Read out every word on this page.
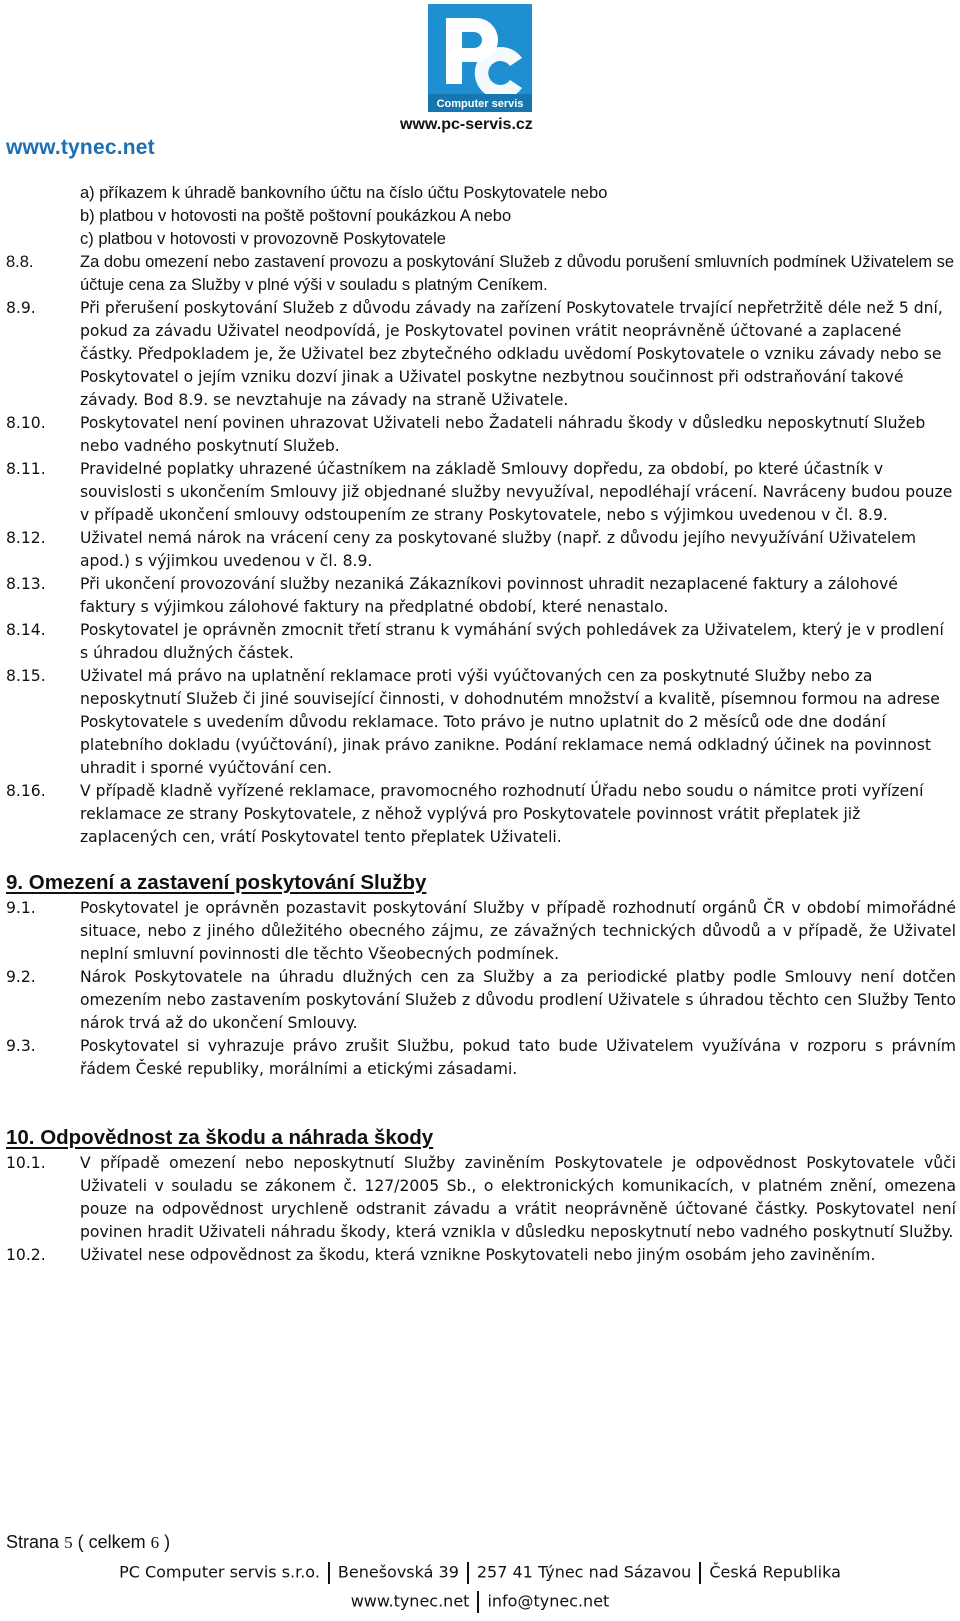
www.tynec.net
Computer servis
www.pc-servis.cz
a) příkazem k úhradě bankovního účtu na číslo účtu Poskytovatele nebo
b) platbou v hotovosti na poště poštovní poukázkou A nebo
c) platbou v hotovosti v provozovně Poskytovatele
8.8.	Za dobu omezení nebo zastavení provozu a poskytování Služeb z důvodu porušení smluvních podmínek Uživatelem se účtuje cena za Služby v plné výši v souladu s platným Ceníkem.
8.9.	Při přerušení poskytování Služeb z důvodu závady na zařízení Poskytovatele trvající nepřetržitě déle než 5 dní, pokud za závadu Uživatel neodpovídá, je Poskytovatel povinen vrátit neoprávněně účtované a zaplacené částky. Předpokladem je, že Uživatel bez zbytečného odkladu uvědomí Poskytovatele o vzniku závady nebo se Poskytovatel o jejím vzniku dozví jinak a Uživatel poskytne nezbytnou součinnost při odstraňování takové závady. Bod 8.9. se nevztahuje na závady na straně Uživatele.
8.10.	Poskytovatel není povinen uhrazovat Uživateli nebo Žadateli náhradu škody v důsledku neposkytnutí Služeb nebo vadného poskytnutí Služeb.
8.11.	Pravidelné poplatky uhrazené účastníkem na základě Smlouvy dopředu, za období, po které účastník v souvislosti s ukončením Smlouvy již objednané služby nevyužíval, nepodléhají vrácení. Navráceny budou pouze v případě ukončení smlouvy odstoupením ze strany Poskytovatele, nebo s výjimkou uvedenou v čl. 8.9.
8.12.	Uživatel nemá nárok na vrácení ceny za poskytované služby (např. z důvodu jejího nevyužívání Uživatelem apod.) s výjimkou uvedenou v čl. 8.9.
8.13.	Při ukončení provozování služby nezaniká Zákazníkovi povinnost uhradit nezaplacené faktury a zálohové faktury s výjimkou zálohové faktury na předplatné období, které nenastalo.
8.14.	Poskytovatel je oprávněn zmocnit třetí stranu k vymáhání svých pohledávek za Uživatelem, který je v prodlení s úhradou dlužných částek.
8.15.	Uživatel má právo na uplatnění reklamace proti výši vyúčtovaných cen za poskytnuté Služby nebo za neposkytnutí Služeb či jiné související činnosti, v dohodnutém množství a kvalitě, písemnou formou na adrese Poskytovatele s uvedením důvodu reklamace. Toto právo je nutno uplatnit do 2 měsíců ode dne dodání platebního dokladu (vyúčtování), jinak právo zanikne. Podání reklamace nemá odkladný účinek na povinnost uhradit i sporné vyúčtování cen.
8.16.	V případě kladně vyřízené reklamace, pravomocného rozhodnutí Úřadu nebo soudu o námitce proti vyřízení reklamace ze strany Poskytovatele, z něhož vyplývá pro Poskytovatele povinnost vrátit přeplatek již zaplacených cen, vrátí Poskytovatel tento přeplatek Uživateli.
9. Omezení a zastavení poskytování Služby
9.1.	Poskytovatel je oprávněn pozastavit poskytování Služby v případě rozhodnutí orgánů ČR v období mimořádné situace, nebo z jiného důležitého obecného zájmu, ze závažných technických důvodů a v případě, že Uživatel neplní smluvní povinnosti dle těchto Všeobecných podmínek.
9.2.	Nárok Poskytovatele na úhradu dlužných cen za Služby a za periodické platby podle Smlouvy není dotčen omezením nebo zastavením poskytování Služeb z důvodu prodlení Uživatele s úhradou těchto cen Služby Tento nárok trvá až do ukončení Smlouvy.
9.3.	Poskytovatel si vyhrazuje právo zrušit Službu, pokud tato bude Uživatelem využívána v rozporu s právním řádem České republiky, morálními a etickými zásadami.
10. Odpovědnost za škodu a náhrada škody
10.1.	V případě omezení nebo neposkytnutí Služby zaviněním Poskytovatele je odpovědnost Poskytovatele vůči Uživateli v souladu se zákonem č. 127/2005 Sb., o elektronických komunikacích, v platném znění, omezena pouze na odpovědnost urychleně odstranit závadu a vrátit neoprávněně účtované částky. Poskytovatel není povinen hradit Uživateli náhradu škody, která vznikla v důsledku neposkytnutí nebo vadného poskytnutí Služby.
10.2.	Uživatel nese odpovědnost za škodu, která vznikne Poskytovateli nebo jiným osobám jeho zaviněním.
Strana 5 ( celkem 6 )
PC Computer servis s.r.o. Benešovská 39 257 41 Týnec nad Sázavou Česká Republika
www.tynec.net info@tynec.net
